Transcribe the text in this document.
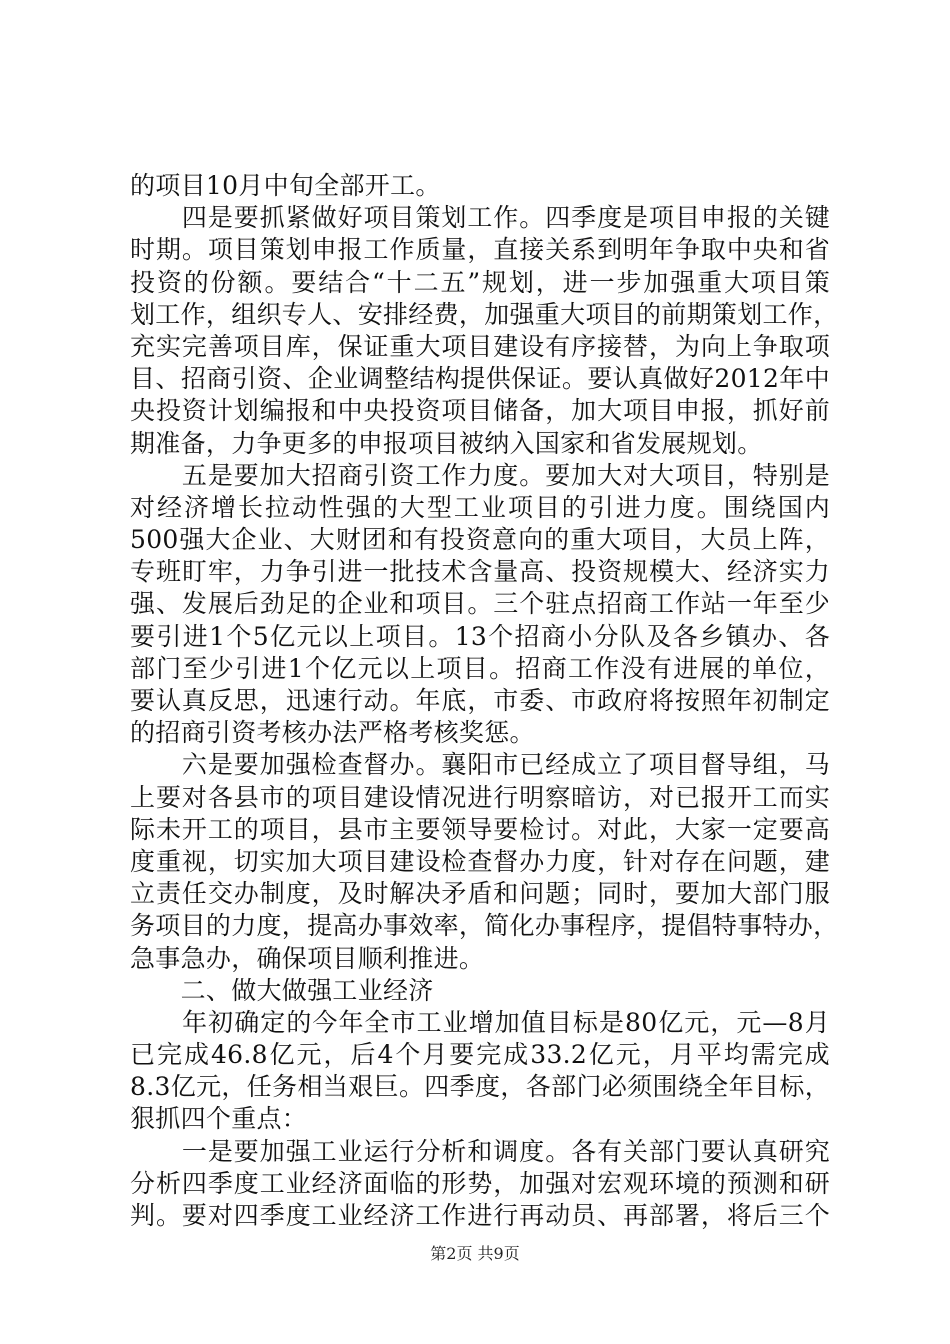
的项目10月中旬全部开工。
　　四是要抓紧做好项目策划工作。四季度是项目申报的关键
时期。项目策划申报工作质量，直接关系到明年争取中央和省
投资的份额。要结合“十二五”规划，进一步加强重大项目策
划工作，组织专人、安排经费，加强重大项目的前期策划工作，
充实完善项目库，保证重大项目建设有序接替，为向上争取项
目、招商引资、企业调整结构提供保证。要认真做好2012年中
央投资计划编报和中央投资项目储备，加大项目申报，抓好前
期准备，力争更多的申报项目被纳入国家和省发展规划。
　　五是要加大招商引资工作力度。要加大对大项目，特别是
对经济增长拉动性强的大型工业项目的引进力度。围绕国内
500强大企业、大财团和有投资意向的重大项目，大员上阵，
专班盯牢，力争引进一批技术含量高、投资规模大、经济实力
强、发展后劲足的企业和项目。三个驻点招商工作站一年至少
要引进1个5亿元以上项目。13个招商小分队及各乡镇办、各
部门至少引进1个亿元以上项目。招商工作没有进展的单位，
要认真反思，迅速行动。年底，市委、市政府将按照年初制定
的招商引资考核办法严格考核奖惩。
　　六是要加强检查督办。襄阳市已经成立了项目督导组，马
上要对各县市的项目建设情况进行明察暗访，对已报开工而实
际未开工的项目，县市主要领导要检讨。对此，大家一定要高
度重视，切实加大项目建设检查督办力度，针对存在问题，建
立责任交办制度，及时解决矛盾和问题；同时，要加大部门服
务项目的力度，提高办事效率，简化办事程序，提倡特事特办，
急事急办，确保项目顺利推进。
　　二、做大做强工业经济
　　年初确定的今年全市工业增加值目标是80亿元，元—8月
已完成46.8亿元，后4个月要完成33.2亿元，月平均需完成
8.3亿元，任务相当艰巨。四季度，各部门必须围绕全年目标，
狠抓四个重点：
　　一是要加强工业运行分析和调度。各有关部门要认真研究
分析四季度工业经济面临的形势，加强对宏观环境的预测和研
判。要对四季度工业经济工作进行再动员、再部署，将后三个
第2页 共9页
